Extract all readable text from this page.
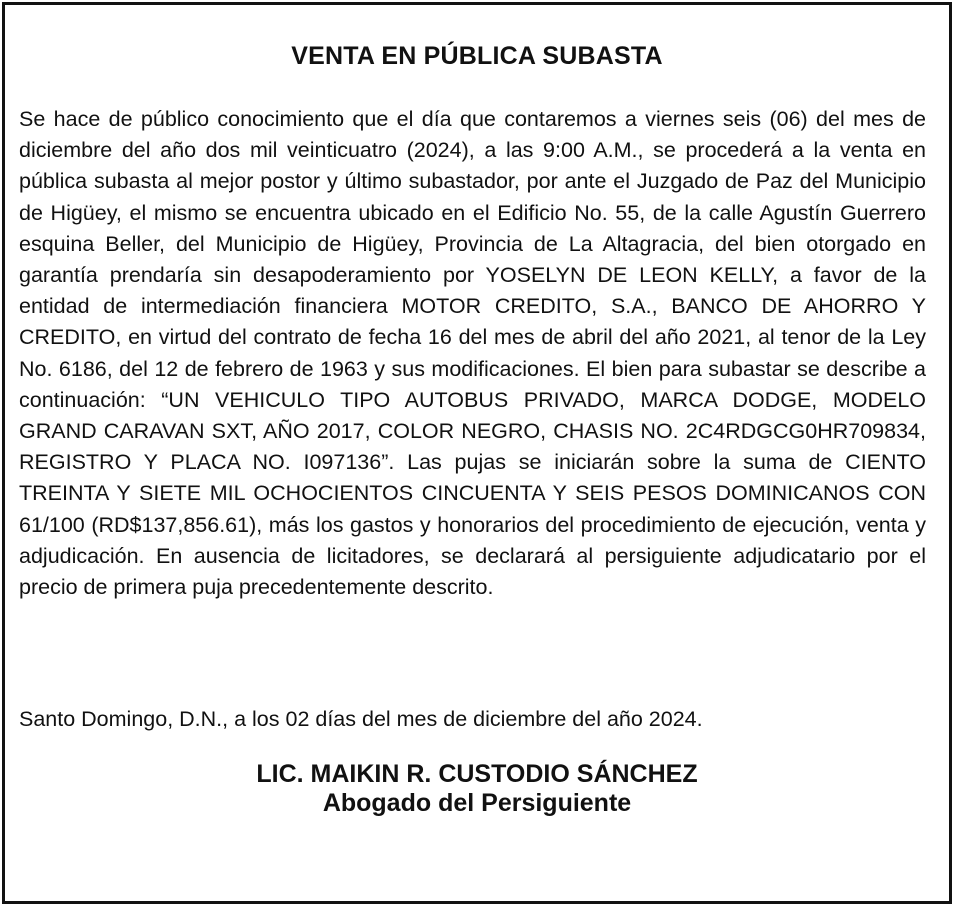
VENTA EN PÚBLICA SUBASTA

Se hace de público conocimiento que el día que contaremos a viernes seis (06) del mes de diciembre del año dos mil veinticuatro (2024), a las 9:00 A.M., se procederá a la venta en pública subasta al mejor postor y último subastador, por ante el Juzgado de Paz del Municipio de Higüey, el mismo se encuentra ubicado en el Edificio No. 55, de la calle Agustín Guerrero esquina Beller, del Municipio de Higüey, Provincia de La Altagracia, del bien otorgado en garantía prendaría sin desapoderamiento por YOSELYN DE LEON KELLY, a favor de la entidad de intermediación financiera MOTOR CREDITO, S.A., BANCO DE AHORRO Y CREDITO, en virtud del contrato de fecha 16 del mes de abril del año 2021, al tenor de la Ley No. 6186, del 12 de febrero de 1963 y sus modificaciones. El bien para subastar se describe a continuación: “UN VEHICULO TIPO AUTOBUS PRIVADO, MARCA DODGE, MODELO GRAND CARAVAN SXT, AÑO 2017, COLOR NEGRO, CHASIS NO. 2C4RDGCG0HR709834, REGISTRO Y PLACA NO. I097136”. Las pujas se iniciarán sobre la suma de CIENTO TREINTA Y SIETE MIL OCHOCIENTOS CINCUENTA Y SEIS PESOS DOMINICANOS CON 61/100 (RD$137,856.61), más los gastos y honorarios del procedimiento de ejecución, venta y adjudicación. En ausencia de licitadores, se declarará al persiguiente adjudicatario por el precio de primera puja precedentemente descrito.

Santo Domingo, D.N., a los 02 días del mes de diciembre del año 2024.

LIC. MAIKIN R. CUSTODIO SÁNCHEZ
Abogado del Persiguiente
